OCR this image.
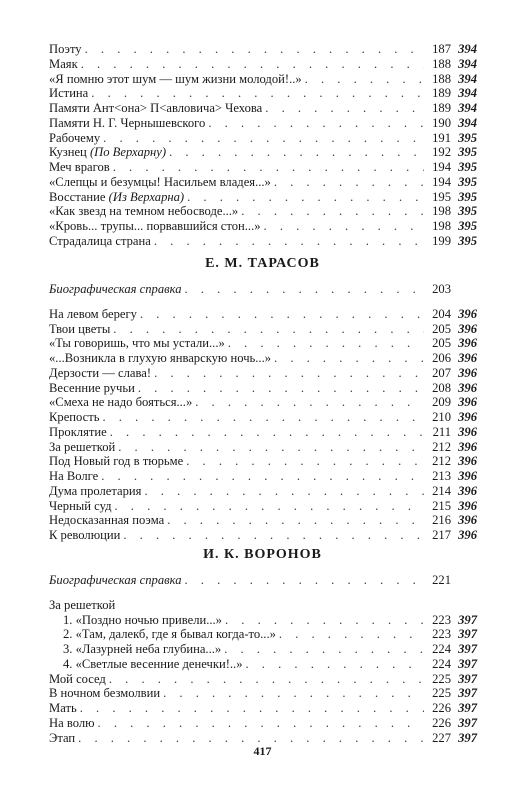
Поэту . . .	187 394
Маяк . . .	188 394
«Я помню этот шум — шум жизни молодой!..» . . .	188 394
Истина . . .	189 394
Памяти Ант<она> П<авловича> Чехова . . .	189 394
Памяти Н. Г. Чернышевского . . .	190 394
Рабочему . . .	191 395
Кузнец (По Верхарну) . . .	192 395
Меч врагов . . .	194 395
«Слепцы и безумцы! Насильем владея...» . . .	194 395
Восстание (Из Верхарна) . . .	195 395
«Как звезд на темном небосводе...» . . .	198 395
«Кровь... трупы... порвавшийся стон...» . . .	198 395
Страдалица страна . . .	199 395
Е. М. ТАРАСОВ
Биографическая справка . . .	203
На левом берегу . . .	204 396
Твои цветы . . .	205 396
«Ты говоришь, что мы устали...» . . .	205 396
«...Возникла в глухую январскую ночь...» . . .	206 396
Дерзости — слава! . . .	207 396
Весенние ручьи . . .	208 396
«Смеха не надо бояться...» . . .	209 396
Крепость . . .	210 396
Проклятие . . .	211 396
За решеткой . . .	212 396
Под Новый год в тюрьме . . .	212 396
На Волге . . .	213 396
Дума пролетария . . .	214 396
Черный суд . . .	215 396
Недосказанная поэма . . .	216 396
К революции . . .	217 396
И. К. ВОРОНОВ
Биографическая справка . . .	221
За решеткой
1. «Поздно ночью привели...» . . .	223 397
2. «Там, далекб, где я бывал когда-то...» . . .	223 397
3. «Лазурней неба глубина...» . . .	224 397
4. «Светлые весенние денечки!..» . . .	224 397
Мой сосед . . .	225 397
В ночном безмолвии . . .	225 397
Мать . . .	226 397
На волю . . .	226 397
Этап . . .	227 397
417
